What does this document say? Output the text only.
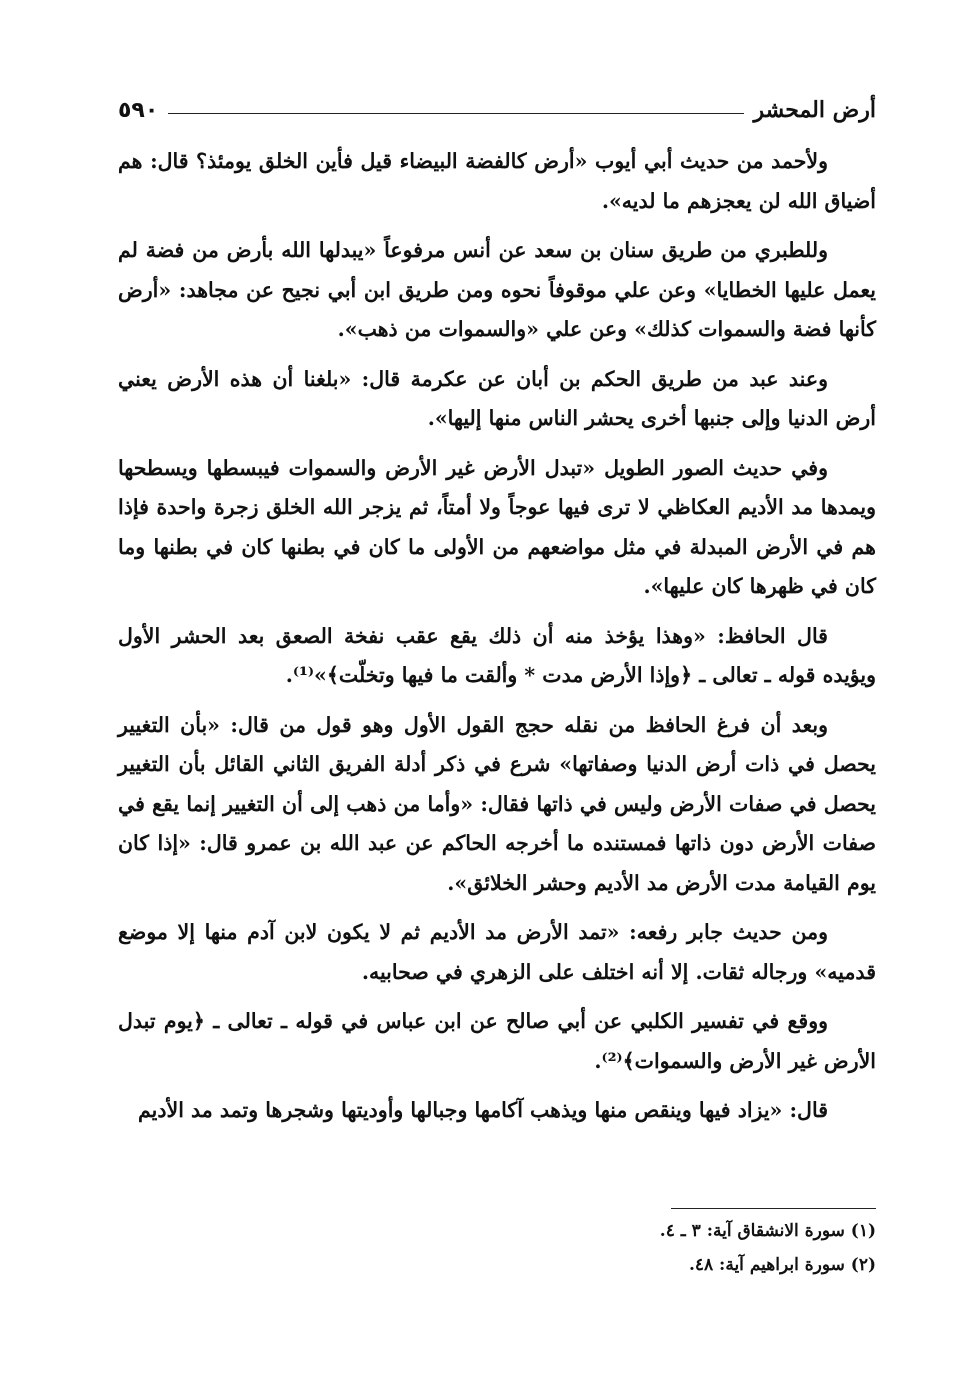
أرض المحشر
٥٩٠

ولأحمد من حديث أبي أيوب «أرض كالفضة البيضاء قيل فأين الخلق يومئذ؟ قال: هم أضياق الله لن يعجزهم ما لديه».

وللطبري من طريق سنان بن سعد عن أنس مرفوعاً «يبدلها الله بأرض من فضة لم يعمل عليها الخطايا» وعن علي موقوفاً نحوه ومن طريق ابن أبي نجيح عن مجاهد: «أرض كأنها فضة والسموات كذلك» وعن علي «والسموات من ذهب».

وعند عبد من طريق الحكم بن أبان عن عكرمة قال: «بلغنا أن هذه الأرض يعني أرض الدنيا وإلى جنبها أخرى يحشر الناس منها إليها».

وفي حديث الصور الطويل «تبدل الأرض غير الأرض والسموات فيبسطها ويسطحها ويمدها مد الأديم العكاظي لا ترى فيها عوجاً ولا أمتاً، ثم يزجر الله الخلق زجرة واحدة فإذا هم في الأرض المبدلة في مثل مواضعهم من الأولى ما كان في بطنها كان في بطنها وما كان في ظهرها كان عليها».

قال الحافظ: «وهذا يؤخذ منه أن ذلك يقع عقب نفخة الصعق بعد الحشر الأول ويؤيده قوله ـ تعالى ـ ﴿وإذا الأرض مدت * وألقت ما فيها وتخلّت﴾»⁽¹⁾.

وبعد أن فرغ الحافظ من نقله حجج القول الأول وهو قول من قال: «بأن التغيير يحصل في ذات أرض الدنيا وصفاتها» شرع في ذكر أدلة الفريق الثاني القائل بأن التغيير يحصل في صفات الأرض وليس في ذاتها فقال: «وأما من ذهب إلى أن التغيير إنما يقع في صفات الأرض دون ذاتها فمستنده ما أخرجه الحاكم عن عبد الله بن عمرو قال: «إذا كان يوم القيامة مدت الأرض مد الأديم وحشر الخلائق».

ومن حديث جابر رفعه: «تمد الأرض مد الأديم ثم لا يكون لابن آدم منها إلا موضع قدميه» ورجاله ثقات. إلا أنه اختلف على الزهري في صحابيه.

ووقع في تفسير الكلبي عن أبي صالح عن ابن عباس في قوله ـ تعالى ـ ﴿يوم تبدل الأرض غير الأرض والسموات﴾⁽²⁾.

قال: «يزاد فيها وينقص منها ويذهب آكامها وجبالها وأوديتها وشجرها وتمد مد الأديم

(١) سورة الانشقاق آية: ٣ ـ ٤.
(٢) سورة ابراهيم آية: ٤٨.
